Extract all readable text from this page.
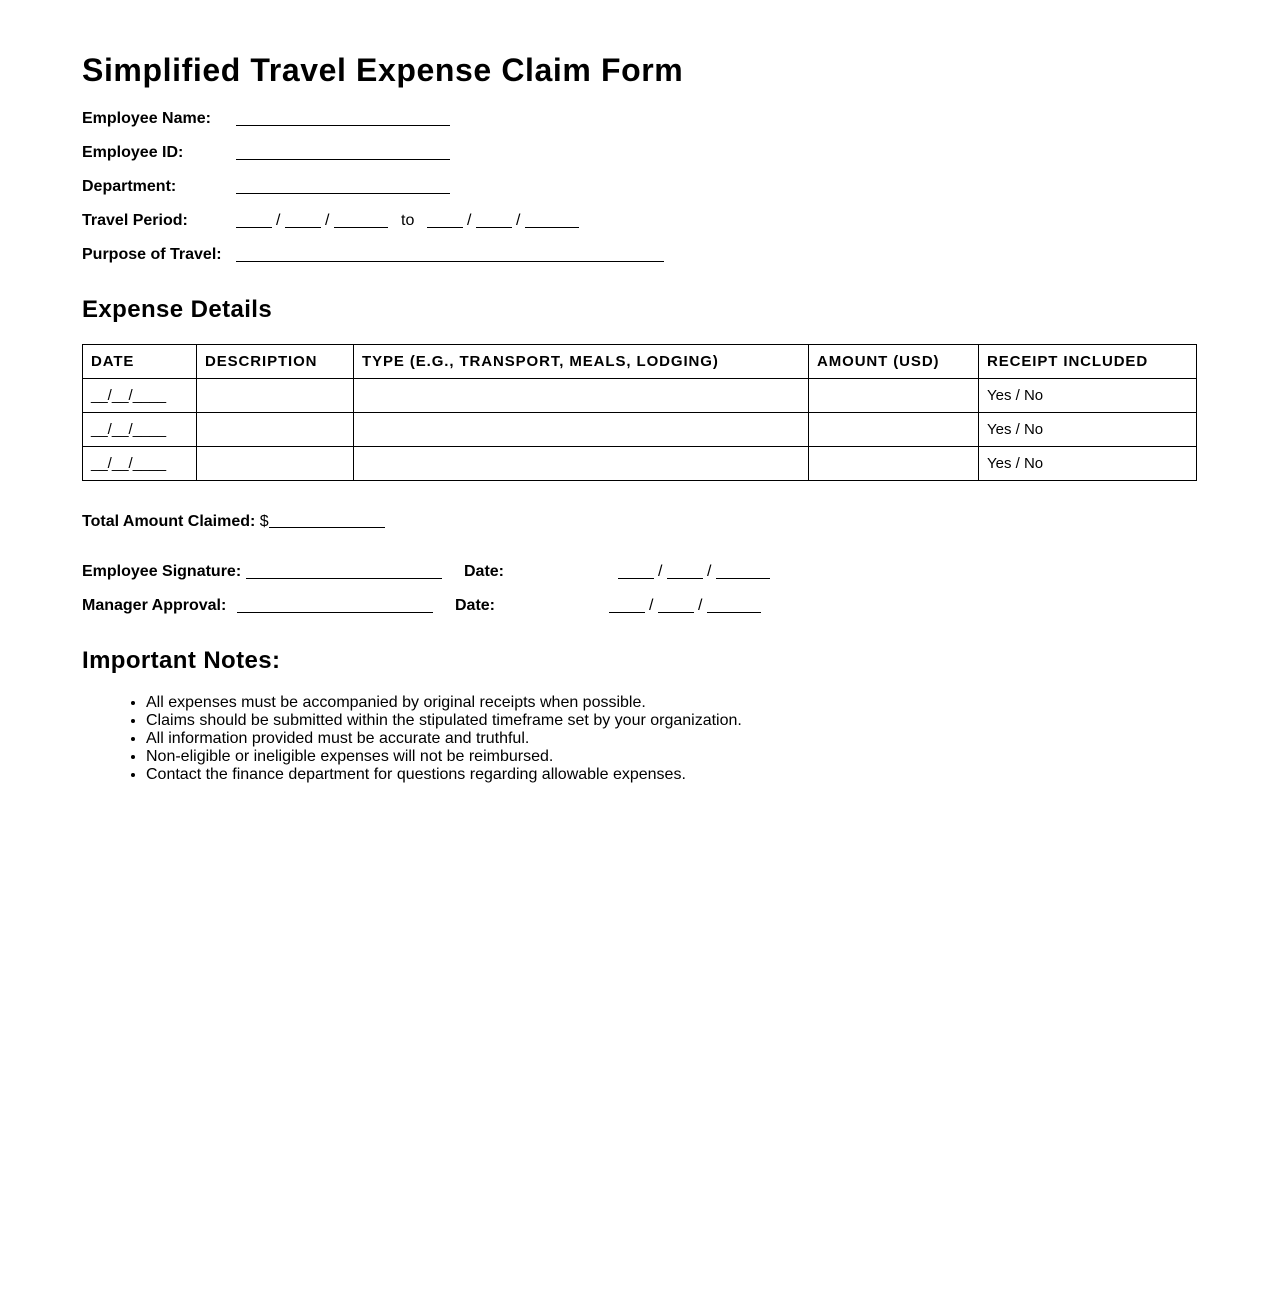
Simplified Travel Expense Claim Form
Employee Name:
Employee ID:
Department:
Travel Period:	/	/	to	/	/
Purpose of Travel:
Expense Details
DATE	DESCRIPTION	TYPE (E.G., TRANSPORT, MEALS, LODGING)	AMOUNT (USD)	RECEIPT INCLUDED
__/__/____				Yes / No
__/__/____				Yes / No
__/__/____				Yes / No
Total Amount Claimed: $
Employee Signature:	Date:	/	/
Manager Approval:	Date:	/	/
Important Notes:
• All expenses must be accompanied by original receipts when possible.
• Claims should be submitted within the stipulated timeframe set by your organization.
• All information provided must be accurate and truthful.
• Non-eligible or ineligible expenses will not be reimbursed.
• Contact the finance department for questions regarding allowable expenses.
